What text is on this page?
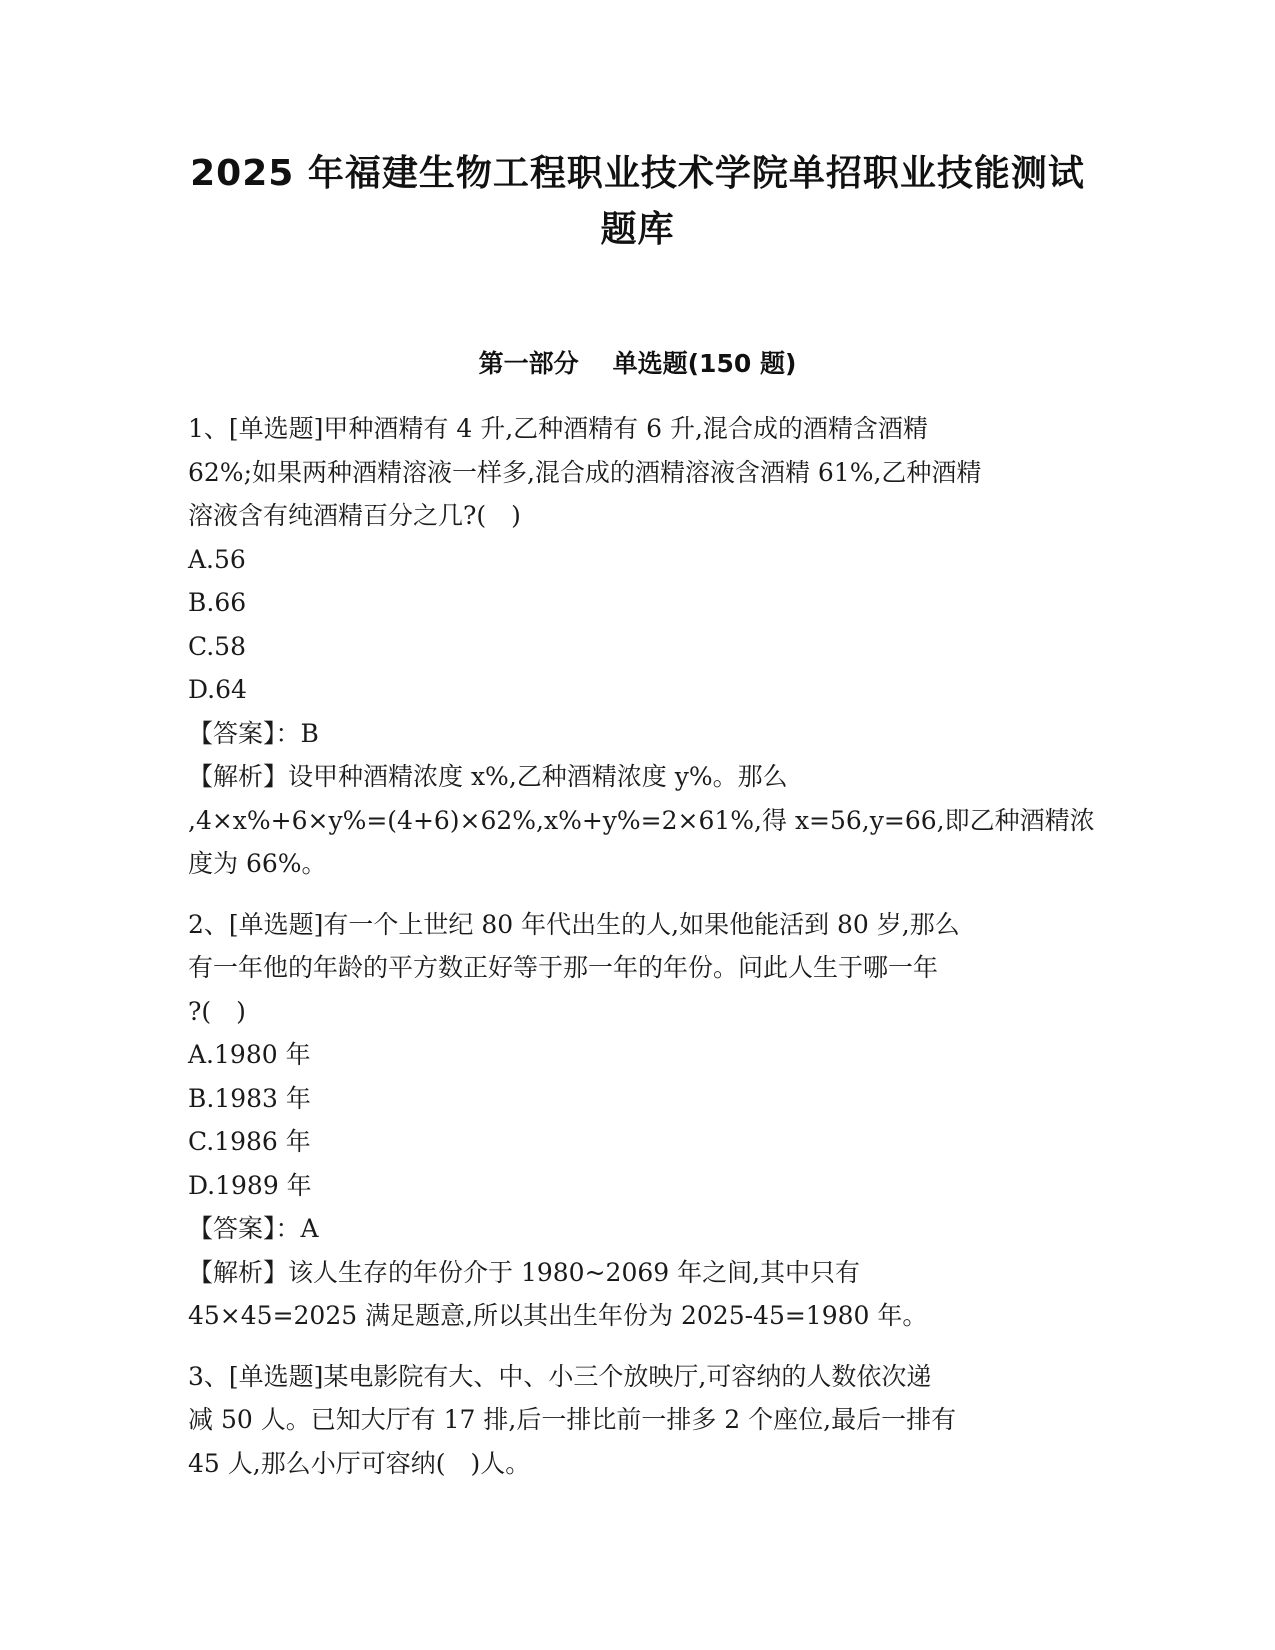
2025 年福建生物工程职业技术学院单招职业技能测试
题库
第一部分 单选题(150 题)
1、[单选题]甲种酒精有 4 升,乙种酒精有 6 升,混合成的酒精含酒精
62%;如果两种酒精溶液一样多,混合成的酒精溶液含酒精 61%,乙种酒精
溶液含有纯酒精百分之几?(　)
A.56
B.66
C.58
D.64
【答案】：B
【解析】设甲种酒精浓度 x%,乙种酒精浓度 y%。那么
,4×x%+6×y%=(4+6)×62%,x%+y%=2×61%,得 x=56,y=66,即乙种酒精浓
度为 66%。
2、[单选题]有一个上世纪 80 年代出生的人,如果他能活到 80 岁,那么
有一年他的年龄的平方数正好等于那一年的年份。问此人生于哪一年
?(　)
A.1980 年
B.1983 年
C.1986 年
D.1989 年
【答案】：A
【解析】该人生存的年份介于 1980~2069 年之间,其中只有
45×45=2025 满足题意,所以其出生年份为 2025-45=1980 年。
3、[单选题]某电影院有大、中、小三个放映厅,可容纳的人数依次递
减 50 人。已知大厅有 17 排,后一排比前一排多 2 个座位,最后一排有
45 人,那么小厅可容纳(　)人。
